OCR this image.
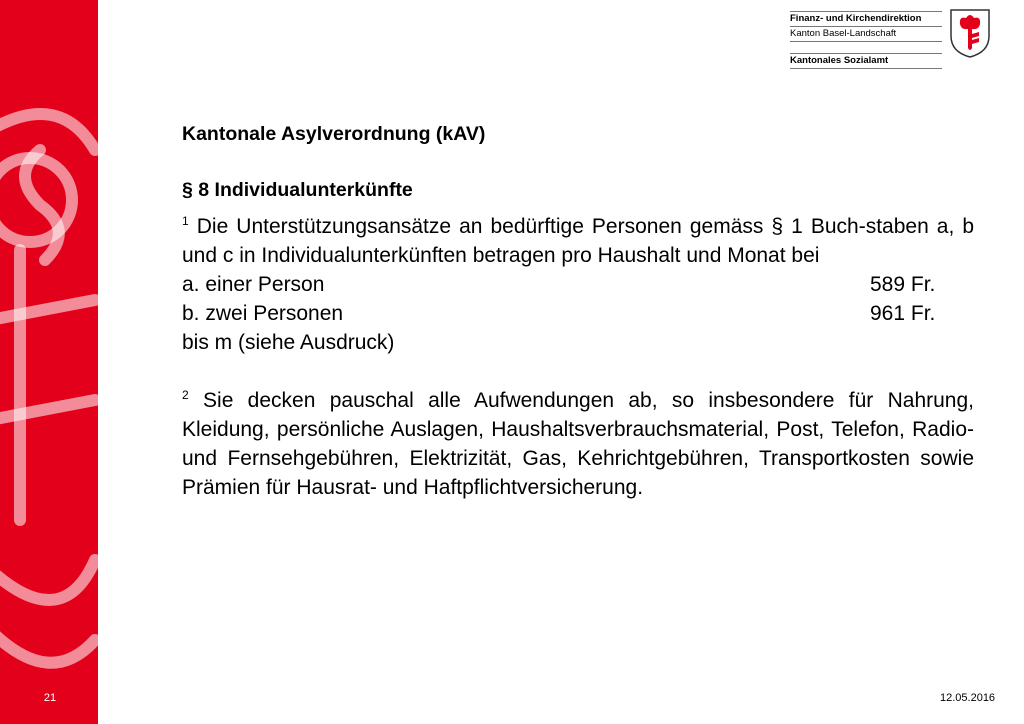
21
Finanz- und Kirchendirektion
Kanton Basel-Landschaft
Kantonales Sozialamt
Kantonale Asylverordnung (kAV)
§ 8 Individualunterkünfte
$^1$ Die Unterstützungsansätze an bedürftige Personen gemäss § 1 Buch-staben a, b und c in Individualunterkünften betragen pro Haushalt und Monat bei
a. einer Person	589 Fr.
b. zwei Personen	961 Fr.
bis m (siehe Ausdruck)
$^2$ Sie decken pauschal alle Aufwendungen ab, so insbesondere für Nahrung, Kleidung, persönliche Auslagen, Haushaltsverbrauchsmaterial, Post, Telefon, Radio- und Fernsehgebühren, Elektrizität, Gas, Kehrichtgebühren, Transportkosten sowie Prämien für Hausrat- und Haftpflichtversicherung.
12.05.2016
